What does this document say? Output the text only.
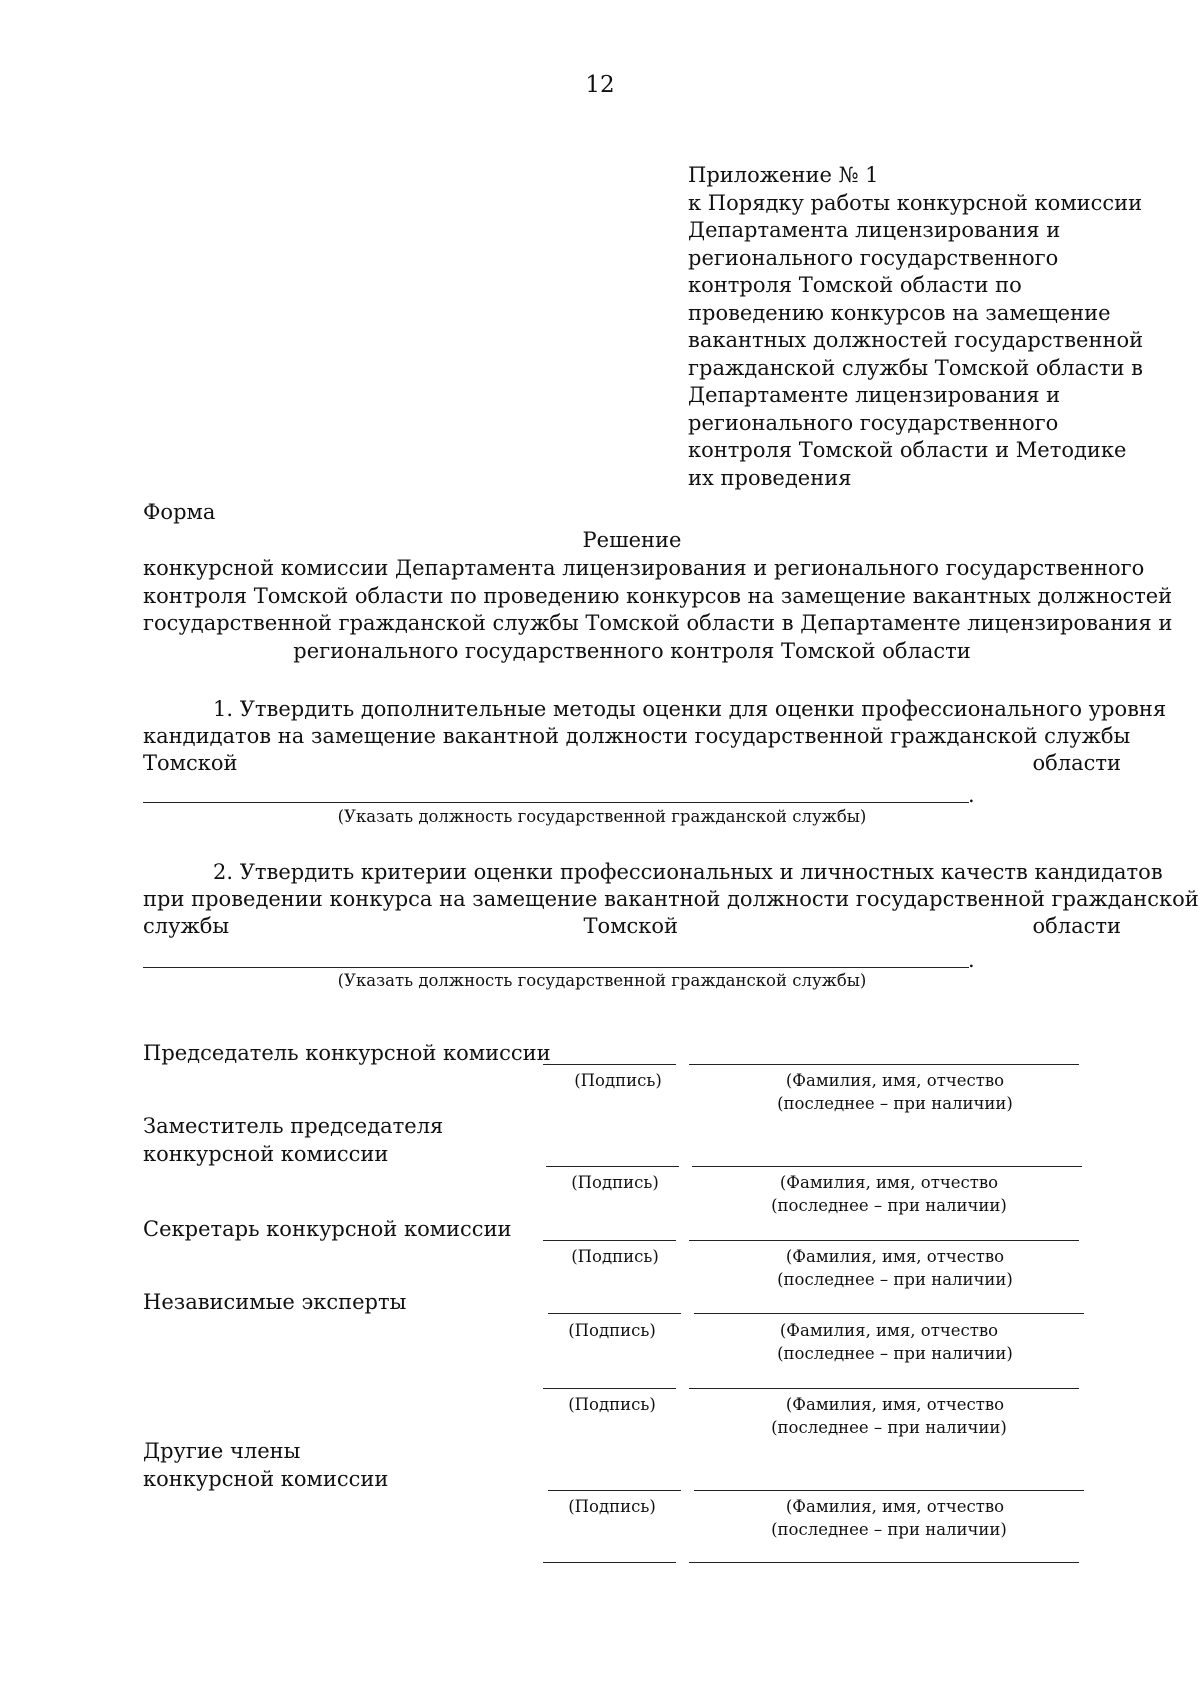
12
Приложение № 1
к Порядку работы конкурсной комиссии
Департамента лицензирования и
регионального государственного
контроля Томской области по
проведению конкурсов на замещение
вакантных должностей государственной
гражданской службы Томской области в
Департаменте лицензирования и
регионального государственного
контроля Томской области и Методике
их проведения
Форма
Решение
конкурсной комиссии Департамента лицензирования и регионального государственного
контроля Томской области по проведению конкурсов на замещение вакантных должностей
государственной гражданской службы Томской области в Департаменте лицензирования и
регионального государственного контроля Томской области
1. Утвердить дополнительные методы оценки для оценки профессионального уровня
кандидатов на замещение вакантной должности государственной гражданской службы
Томской	области
.
(Указать должность государственной гражданской службы)
2. Утвердить критерии оценки профессиональных и личностных качеств кандидатов
при проведении конкурса на замещение вакантной должности государственной гражданской
службы	Томской	области
.
(Указать должность государственной гражданской службы)
Председатель конкурсной комиссии
(Подпись)	(Фамилия, имя, отчество
(последнее – при наличии)
Заместитель председателя
конкурсной комиссии
(Подпись)	(Фамилия, имя, отчество
(последнее – при наличии)
Секретарь конкурсной комиссии
(Подпись)	(Фамилия, имя, отчество
(последнее – при наличии)
Независимые эксперты
(Подпись)	(Фамилия, имя, отчество
(последнее – при наличии)
(Подпись)	(Фамилия, имя, отчество
(последнее – при наличии)
Другие члены
конкурсной комиссии
(Подпись)	(Фамилия, имя, отчество
(последнее – при наличии)
